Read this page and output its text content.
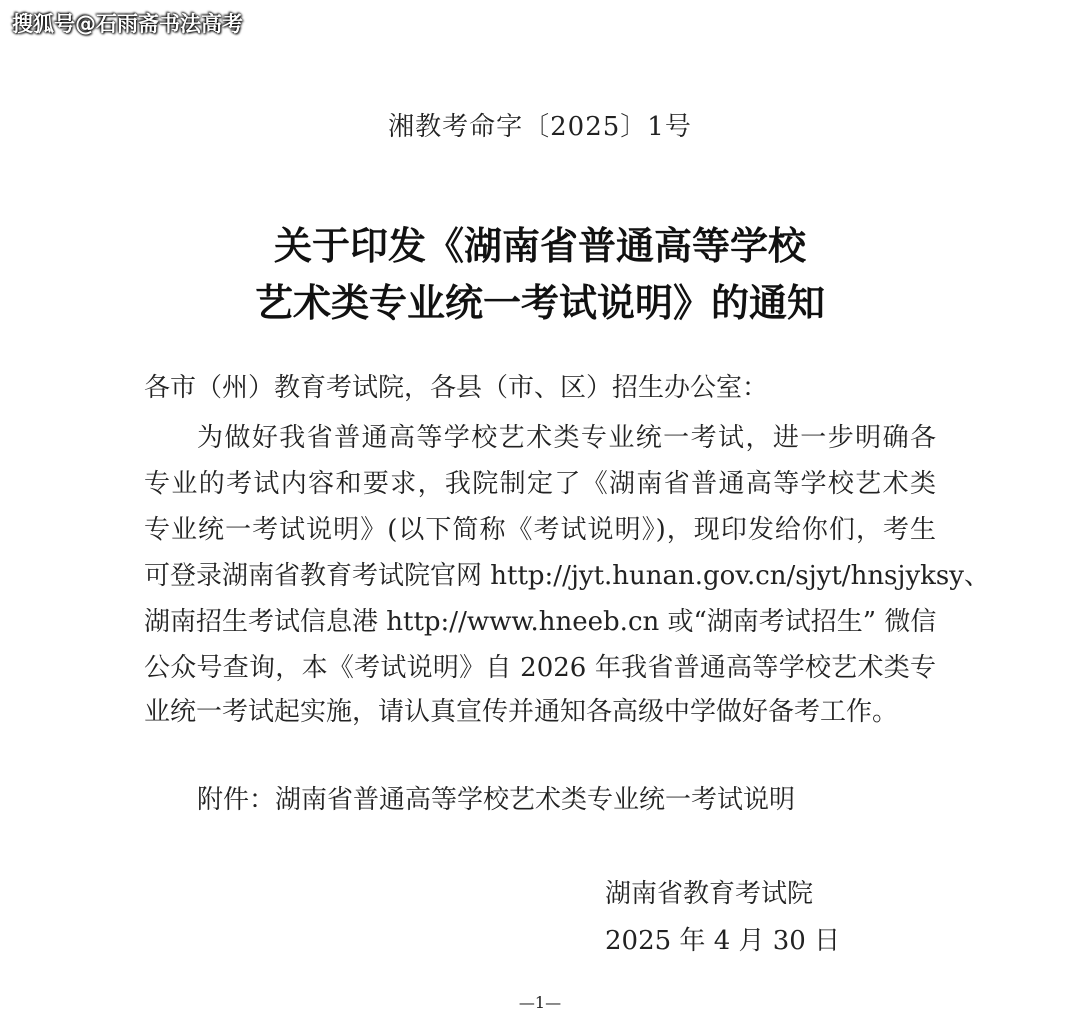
搜狐号@石雨斋书法高考
湘教考命字〔2025〕1号
关于印发《湖南省普通高等学校
艺术类专业统一考试说明》的通知
各市（州）教育考试院，各县（市、区）招生办公室：
为做好我省普通高等学校艺术类专业统一考试，进一步明确各
专业的考试内容和要求，我院制定了《湖南省普通高等学校艺术类
专业统一考试说明》(以下简称《考试说明》)，现印发给你们，考生
可登录湖南省教育考试院官网 http://jyt.hunan.gov.cn/sjyt/hnsjyksy、
湖南招生考试信息港 http://www.hneeb.cn 或“湖南考试招生” 微信
公众号查询，本《考试说明》自 2026 年我省普通高等学校艺术类专
业统一考试起实施，请认真宣传并通知各高级中学做好备考工作。
附件：湖南省普通高等学校艺术类专业统一考试说明
湖南省教育考试院
2025 年 4 月 30 日
—1—
